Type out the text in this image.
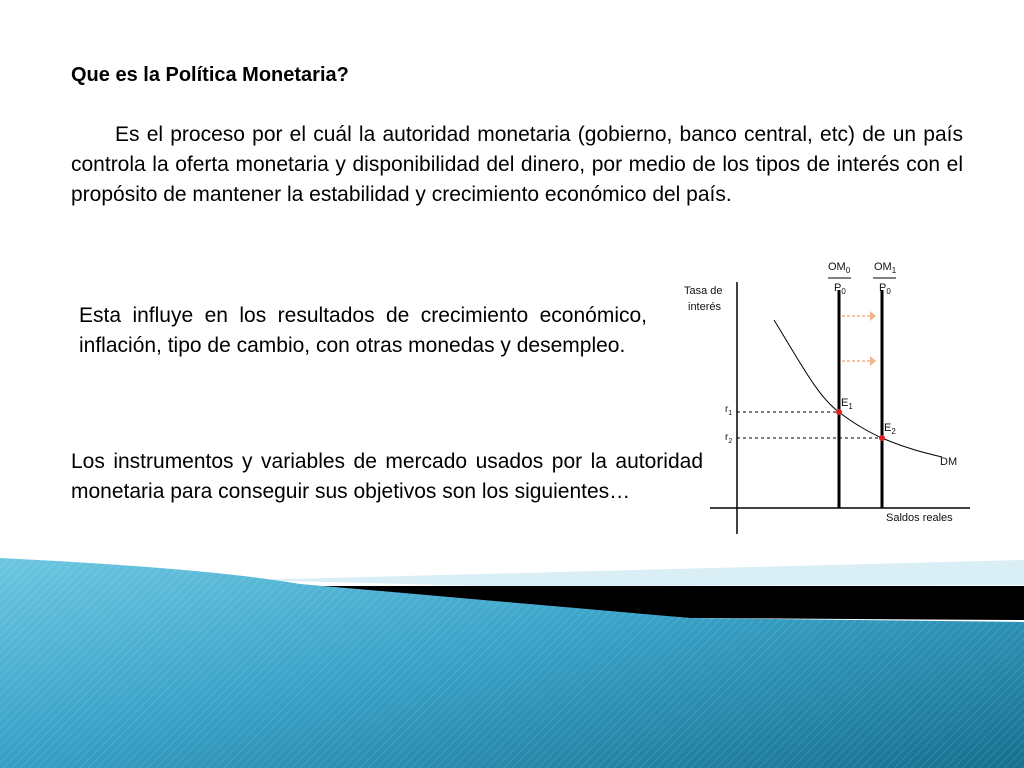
Que es la Política Monetaria?

Es el proceso por el cuál la autoridad monetaria (gobierno, banco central, etc) de un país controla la oferta monetaria y disponibilidad del dinero, por medio de los tipos de interés con el propósito de mantener la estabilidad y crecimiento económico del país.

Esta influye en los resultados de crecimiento económico, inflación, tipo de cambio, con otras monedas y desempleo.

Los instrumentos y variables de mercado usados por la autoridad monetaria para conseguir sus objetivos son los siguientes…

Tasa de
interés
Saldos reales
$OM_0$
$P_0$
$OM_1$
$P_0$
DM
$r_1$
$r_2$
$E_1$
$E_2$
